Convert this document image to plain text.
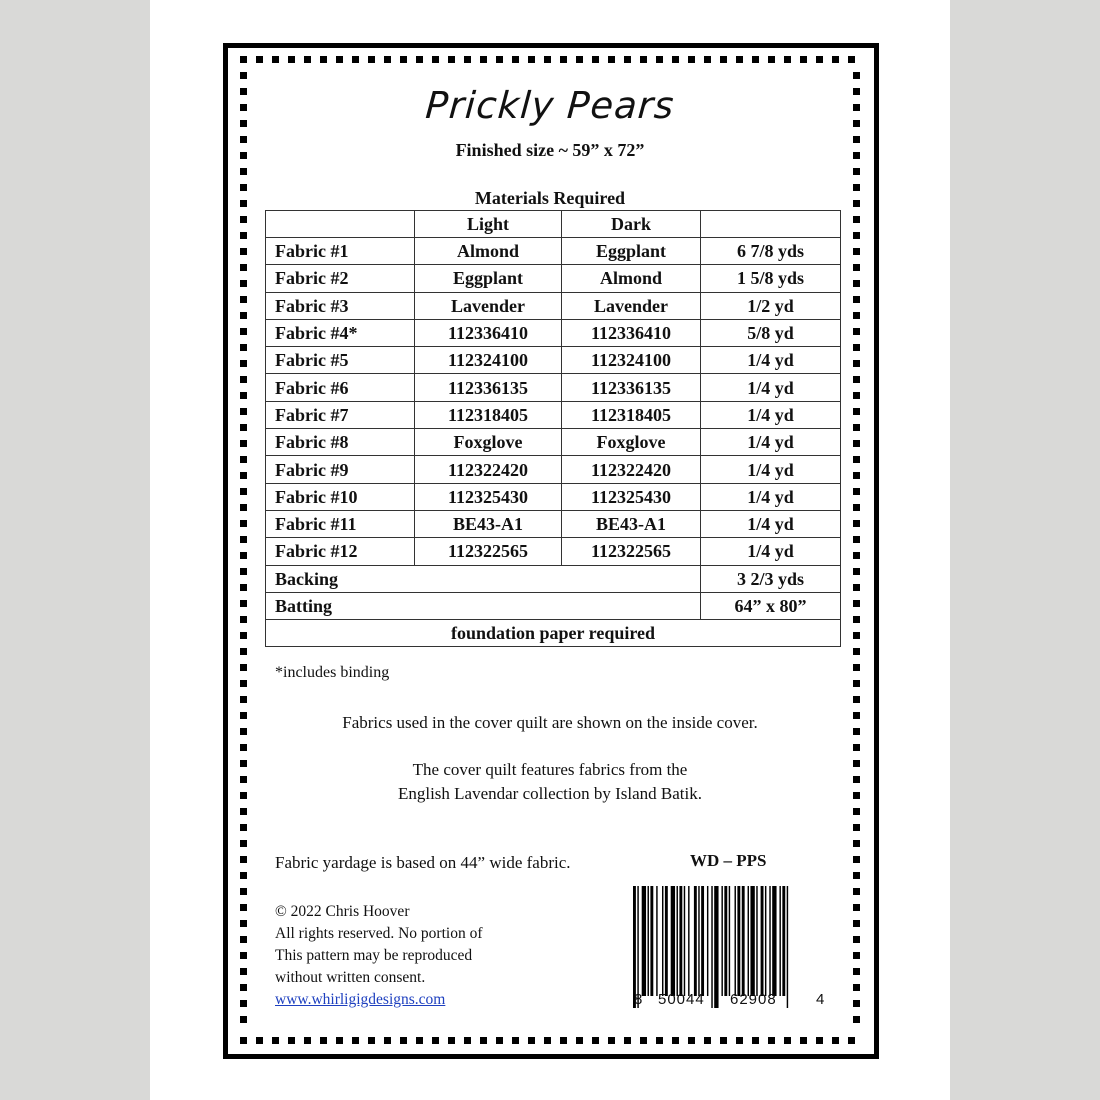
Prickly Pears
Finished size ~ 59” x 72”
Materials Required
	Light	Dark	
Fabric #1	Almond	Eggplant	6 7/8 yds
Fabric #2	Eggplant	Almond	1 5/8 yds
Fabric #3	Lavender	Lavender	1/2 yd
Fabric #4*	112336410	112336410	5/8 yd
Fabric #5	112324100	112324100	1/4 yd
Fabric #6	112336135	112336135	1/4 yd
Fabric #7	112318405	112318405	1/4 yd
Fabric #8	Foxglove	Foxglove	1/4 yd
Fabric #9	112322420	112322420	1/4 yd
Fabric #10	112325430	112325430	1/4 yd
Fabric #11	BE43-A1	BE43-A1	1/4 yd
Fabric #12	112322565	112322565	1/4 yd
Backing			3 2/3 yds
Batting			64” x 80”
foundation paper required			
*includes binding
Fabrics used in the cover quilt are shown on the inside cover.
The cover quilt features fabrics from the
English Lavendar collection by Island Batik.
Fabric yardage is based on 44” wide fabric.	WD – PPS
© 2022 Chris Hoover
All rights reserved. No portion of
This pattern may be reproduced
without written consent.
www.whirligigdesigns.com	8 50044 62908	4
